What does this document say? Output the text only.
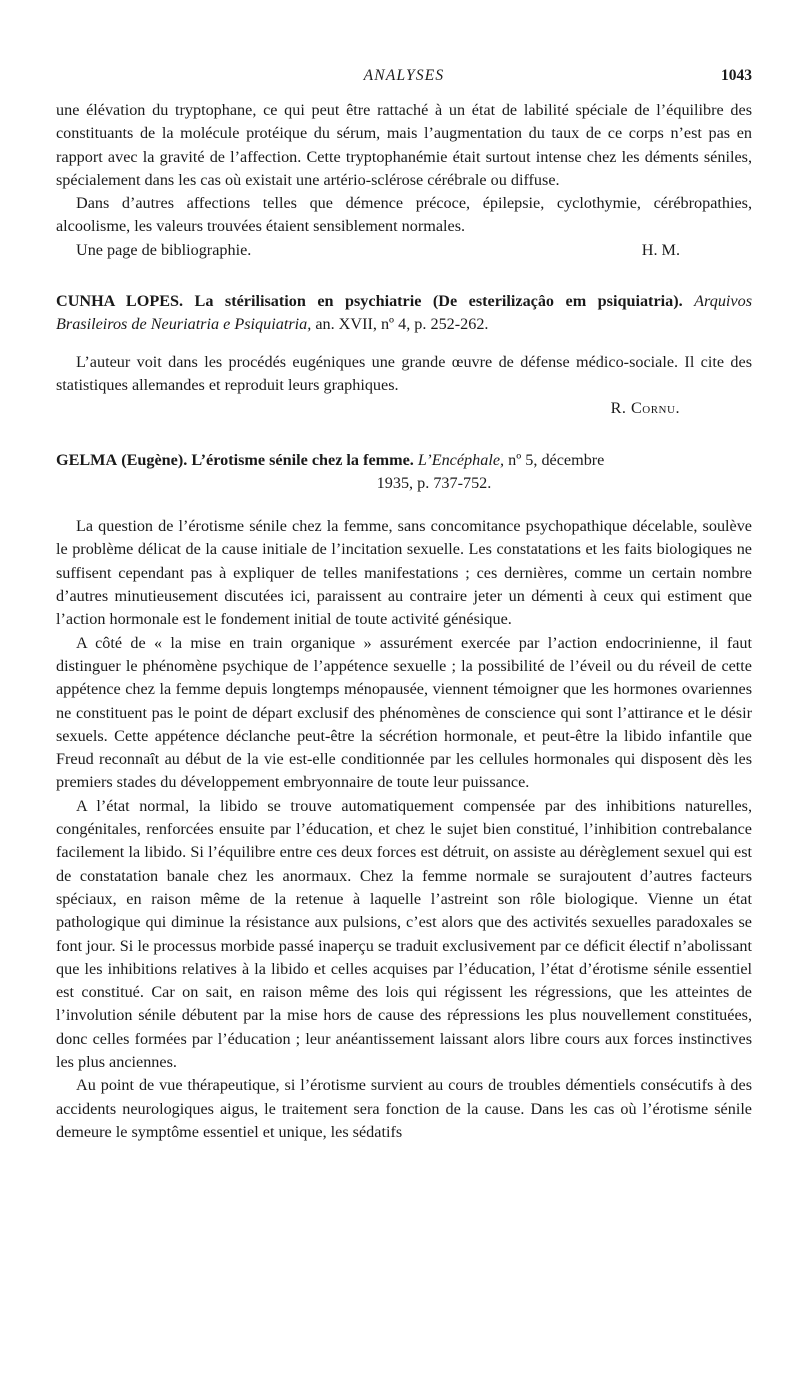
ANALYSES	1043

une élévation du tryptophane, ce qui peut être rattaché à un état de labilité spéciale de l’équilibre des constituants de la molécule protéique du sérum, mais l’augmentation du taux de ce corps n’est pas en rapport avec la gravité de l’affection. Cette tryptophanémie était surtout intense chez les déments séniles, spécialement dans les cas où existait une artério-sclérose cérébrale ou diffuse.

Dans d’autres affections telles que démence précoce, épilepsie, cyclothymie, cérébropathies, alcoolisme, les valeurs trouvées étaient sensiblement normales.

Une page de bibliographie.	H. M.

CUNHA LOPES. La stérilisation en psychiatrie (De esterilizaçâo em psiquiatria). Arquivos Brasileiros de Neuriatria e Psiquiatria, an. XVII, nº 4, p. 252-262.

L’auteur voit dans les procédés eugéniques une grande œuvre de défense médico-sociale. Il cite des statistiques allemandes et reproduit leurs graphiques.

R. Cornu.

GELMA (Eugène). L’érotisme sénile chez la femme. L’Encéphale, nº 5, décembre

1935, p. 737-752.

La question de l’érotisme sénile chez la femme, sans concomitance psychopathique décelable, soulève le problème délicat de la cause initiale de l’incitation sexuelle. Les constatations et les faits biologiques ne suffisent cependant pas à expliquer de telles manifestations ; ces dernières, comme un certain nombre d’autres minutieusement discutées ici, paraissent au contraire jeter un démenti à ceux qui estiment que l’action hormonale est le fondement initial de toute activité génésique.

A côté de « la mise en train organique » assurément exercée par l’action endocrinienne, il faut distinguer le phénomène psychique de l’appétence sexuelle ; la possibilité de l’éveil ou du réveil de cette appétence chez la femme depuis longtemps ménopausée, viennent témoigner que les hormones ovariennes ne constituent pas le point de départ exclusif des phénomènes de conscience qui sont l’attirance et le désir sexuels. Cette appétence déclanche peut-être la sécrétion hormonale, et peut-être la libido infantile que Freud reconnaît au début de la vie est-elle conditionnée par les cellules hormonales qui disposent dès les premiers stades du développement embryonnaire de toute leur puissance.

A l’état normal, la libido se trouve automatiquement compensée par des inhibitions naturelles, congénitales, renforcées ensuite par l’éducation, et chez le sujet bien constitué, l’inhibition contrebalance facilement la libido. Si l’équilibre entre ces deux forces est détruit, on assiste au dérèglement sexuel qui est de constatation banale chez les anormaux. Chez la femme normale se surajoutent d’autres facteurs spéciaux, en raison même de la retenue à laquelle l’astreint son rôle biologique. Vienne un état pathologique qui diminue la résistance aux pulsions, c’est alors que des activités sexuelles paradoxales se font jour. Si le processus morbide passé inaperçu se traduit exclusivement par ce déficit électif n’abolissant que les inhibitions relatives à la libido et celles acquises par l’éducation, l’état d’érotisme sénile essentiel est constitué. Car on sait, en raison même des lois qui régissent les régressions, que les atteintes de l’involution sénile débutent par la mise hors de cause des répressions les plus nouvellement constituées, donc celles formées par l’éducation ; leur anéantissement laissant alors libre cours aux forces instinctives les plus anciennes.

Au point de vue thérapeutique, si l’érotisme survient au cours de troubles démentiels consécutifs à des accidents neurologiques aigus, le traitement sera fonction de la cause. Dans les cas où l’érotisme sénile demeure le symptôme essentiel et unique, les sédatifs
